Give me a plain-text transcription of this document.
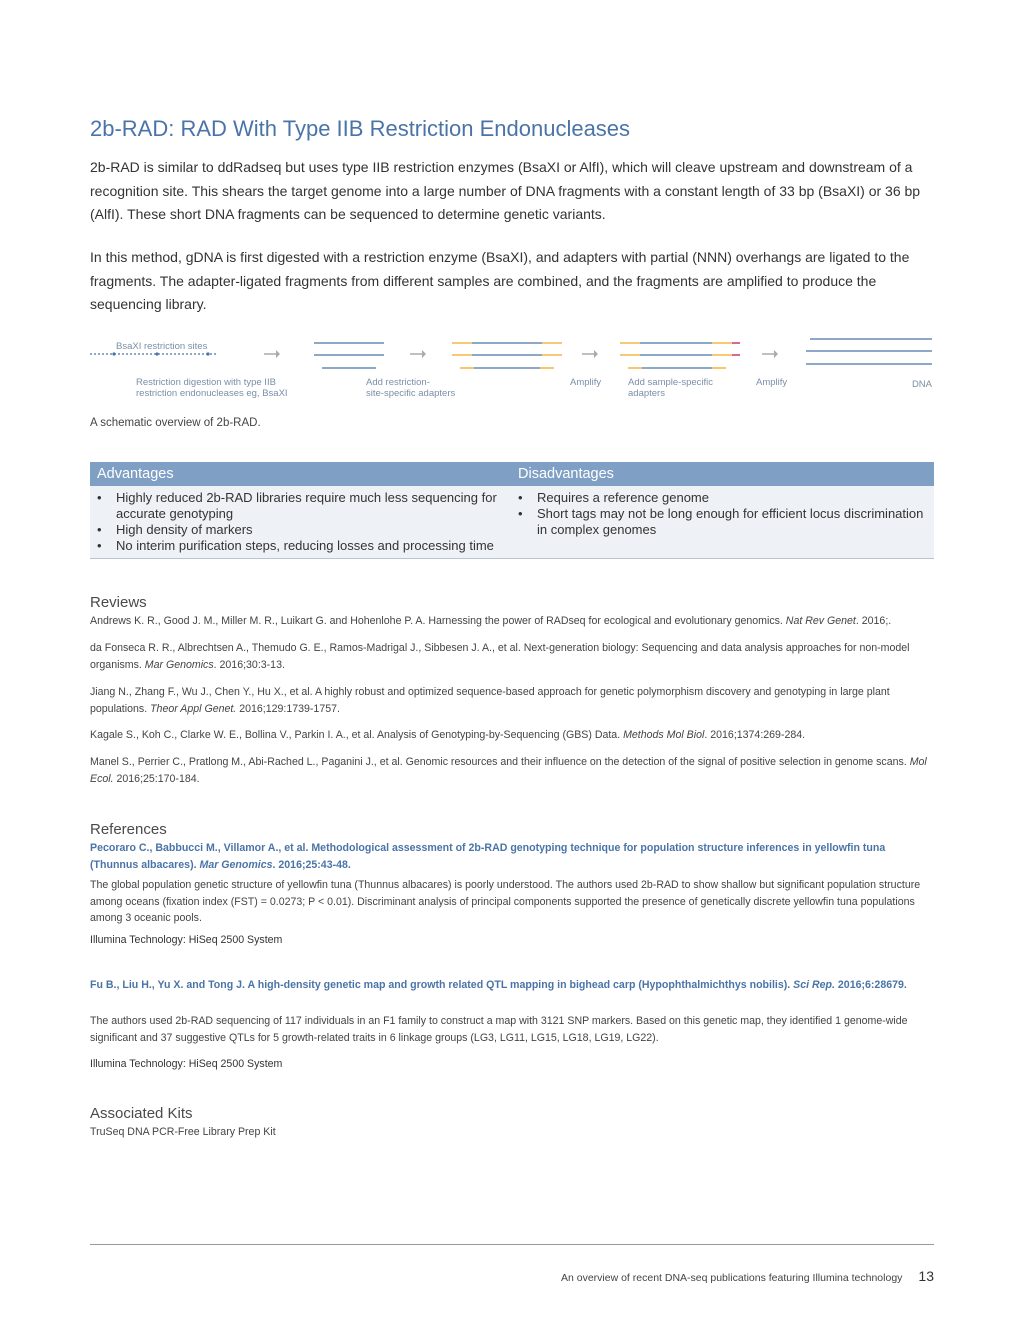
2b-RAD: RAD With Type IIB Restriction Endonucleases

2b-RAD is similar to ddRadseq but uses type IIB restriction enzymes (BsaXI or AlfI), which will cleave upstream and downstream of a recognition site. This shears the target genome into a large number of DNA fragments with a constant length of 33 bp (BsaXI) or 36 bp (AlfI). These short DNA fragments can be sequenced to determine genetic variants.

In this method, gDNA is first digested with a restriction enzyme (BsaXI), and adapters with partial (NNN) overhangs are ligated to the fragments. The adapter-ligated fragments from different samples are combined, and the fragments are amplified to produce the sequencing library.

BsaXI restriction sites
Restriction digestion with type IIB
restriction endonucleases eg, BsaXI
Add restriction-
site-specific adapters
Amplify	Add sample-specific
adapters
Amplify	DNA
A schematic overview of 2b-RAD.
Advantages	Disadvantages
• Highly reduced 2b-RAD libraries require much less sequencing for accurate genotyping
• High density of markers
• No interim purification steps, reducing losses and processing time
• Requires a reference genome
• Short tags may not be long enough for efficient locus discrimination in complex genomes
Reviews

Andrews K. R., Good J. M., Miller M. R., Luikart G. and Hohenlohe P. A. Harnessing the power of RADseq for ecological and evolutionary genomics. Nat Rev Genet. 2016;.

da Fonseca R. R., Albrechtsen A., Themudo G. E., Ramos-Madrigal J., Sibbesen J. A., et al. Next-generation biology: Sequencing and data analysis approaches for non-model organisms. Mar Genomics. 2016;30:3-13.

Jiang N., Zhang F., Wu J., Chen Y., Hu X., et al. A highly robust and optimized sequence-based approach for genetic polymorphism discovery and genotyping in large plant populations. Theor Appl Genet. 2016;129:1739-1757.

Kagale S., Koh C., Clarke W. E., Bollina V., Parkin I. A., et al. Analysis of Genotyping-by-Sequencing (GBS) Data. Methods Mol Biol. 2016;1374:269-284.

Manel S., Perrier C., Pratlong M., Abi-Rached L., Paganini J., et al. Genomic resources and their influence on the detection of the signal of positive selection in genome scans. Mol Ecol. 2016;25:170-184.

References

Pecoraro C., Babbucci M., Villamor A., et al. Methodological assessment of 2b-RAD genotyping technique for population structure inferences in yellowfin tuna (Thunnus albacares). Mar Genomics. 2016;25:43-48.

The global population genetic structure of yellowfin tuna (Thunnus albacares) is poorly understood. The authors used 2b-RAD to show shallow but significant population structure among oceans (fixation index (FST) = 0.0273; P < 0.01). Discriminant analysis of principal components supported the presence of genetically discrete yellowfin tuna populations among 3 oceanic pools.

Illumina Technology: HiSeq 2500 System

Fu B., Liu H., Yu X. and Tong J. A high-density genetic map and growth related QTL mapping in bighead carp (Hypophthalmichthys nobilis). Sci Rep. 2016;6:28679.

The authors used 2b-RAD sequencing of 117 individuals in an F1 family to construct a map with 3121 SNP markers. Based on this genetic map, they identified 1 genome-wide significant and 37 suggestive QTLs for 5 growth-related traits in 6 linkage groups (LG3, LG11, LG15, LG18, LG19, LG22).

Illumina Technology: HiSeq 2500 System

Associated Kits

TruSeq DNA PCR-Free Library Prep Kit

An overview of recent DNA-seq publications featuring Illumina technology 13
